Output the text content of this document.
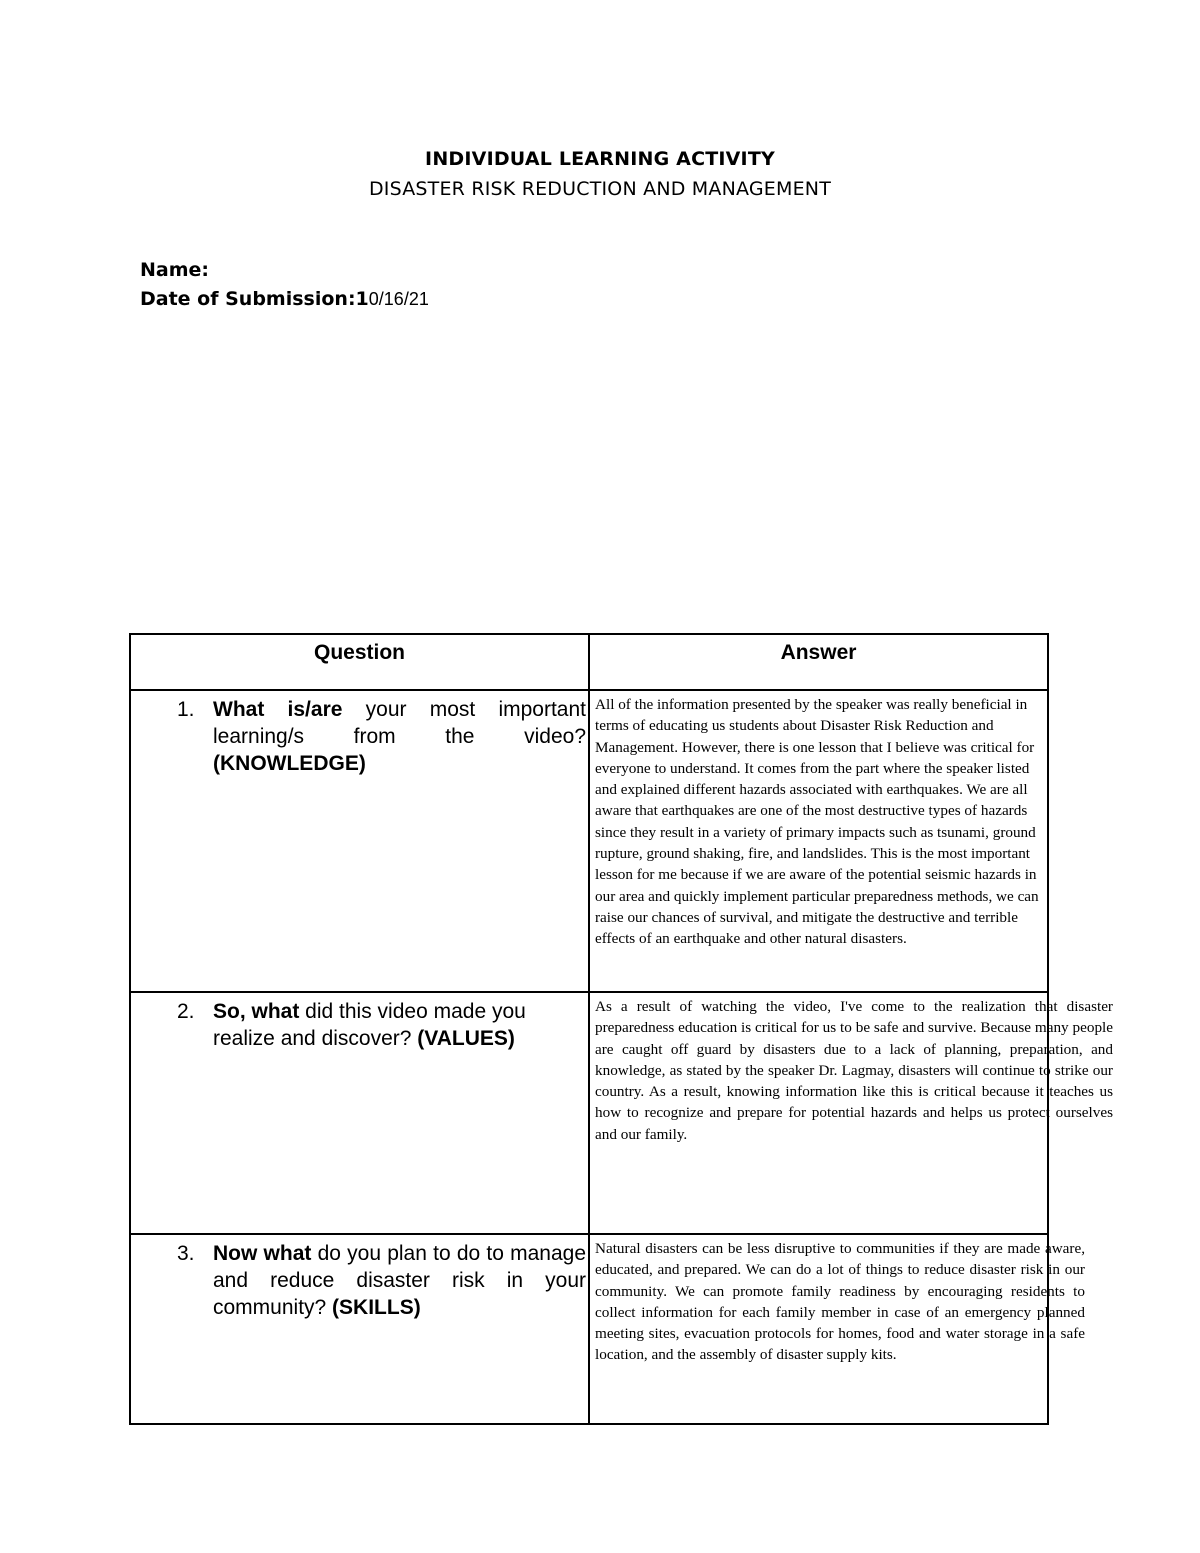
INDIVIDUAL LEARNING ACTIVITY
DISASTER RISK REDUCTION AND MANAGEMENT
Name:
Date of Submission:10/16/21
Question	Answer

1. What is/are your most important learning/s from the video? (KNOWLEDGE)	All of the information presented by the speaker was really beneficial in terms of educating us students about Disaster Risk Reduction and Management. However, there is one lesson that I believe was critical for everyone to understand. It comes from the part where the speaker listed and explained different hazards associated with earthquakes. We are all aware that earthquakes are one of the most destructive types of hazards since they result in a variety of primary impacts such as tsunami, ground rupture, ground shaking, fire, and landslides. This is the most important lesson for me because if we are aware of the potential seismic hazards in our area and quickly implement particular preparedness methods, we can raise our chances of survival, and mitigate the destructive and terrible effects of an earthquake and other natural disasters.

2. So, what did this video made you realize and discover? (VALUES)	As a result of watching the video, I've come to the realization that disaster preparedness education is critical for us to be safe and survive. Because many people are caught off guard by disasters due to a lack of planning, preparation, and knowledge, as stated by the speaker Dr. Lagmay, disasters will continue to strike our country. As a result, knowing information like this is critical because it teaches us how to recognize and prepare for potential hazards and helps us protect ourselves and our family.

3. Now what do you plan to do to manage and reduce disaster risk in your community? (SKILLS)	Natural disasters can be less disruptive to communities if they are made aware, educated, and prepared. We can do a lot of things to reduce disaster risk in our community. We can promote family readiness by encouraging residents to collect information for each family member in case of an emergency planned meeting sites, evacuation protocols for homes, food and water storage in a safe location, and the assembly of disaster supply kits.
